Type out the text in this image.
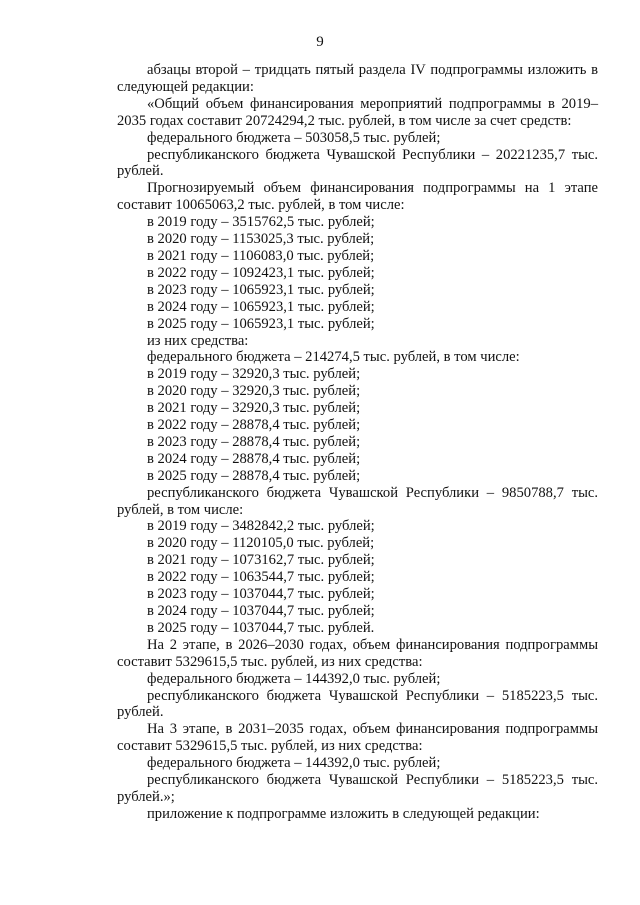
9

абзацы второй – тридцать пятый раздела IV подпрограммы изложить в следующей редакции:

«Общий объем финансирования мероприятий подпрограммы в 2019–2035 годах составит 20724294,2 тыс. рублей, в том числе за счет средств:

федерального бюджета – 503058,5 тыс. рублей;

республиканского бюджета Чувашской Республики – 20221235,7 тыс. рублей.

Прогнозируемый объем финансирования подпрограммы на 1 этапе составит 10065063,2 тыс. рублей, в том числе:

в 2019 году – 3515762,5 тыс. рублей;

в 2020 году – 1153025,3 тыс. рублей;

в 2021 году – 1106083,0 тыс. рублей;

в 2022 году – 1092423,1 тыс. рублей;

в 2023 году – 1065923,1 тыс. рублей;

в 2024 году – 1065923,1 тыс. рублей;

в 2025 году – 1065923,1 тыс. рублей;

из них средства:

федерального бюджета – 214274,5 тыс. рублей, в том числе:

в 2019 году – 32920,3 тыс. рублей;

в 2020 году – 32920,3 тыс. рублей;

в 2021 году – 32920,3 тыс. рублей;

в 2022 году – 28878,4 тыс. рублей;

в 2023 году – 28878,4 тыс. рублей;

в 2024 году – 28878,4 тыс. рублей;

в 2025 году – 28878,4 тыс. рублей;

республиканского бюджета Чувашской Республики – 9850788,7 тыс. рублей, в том числе:

в 2019 году – 3482842,2 тыс. рублей;

в 2020 году – 1120105,0 тыс. рублей;

в 2021 году – 1073162,7 тыс. рублей;

в 2022 году – 1063544,7 тыс. рублей;

в 2023 году – 1037044,7 тыс. рублей;

в 2024 году – 1037044,7 тыс. рублей;

в 2025 году – 1037044,7 тыс. рублей.

На 2 этапе, в 2026–2030 годах, объем финансирования подпрограммы составит 5329615,5 тыс. рублей, из них средства:

федерального бюджета – 144392,0 тыс. рублей;

республиканского бюджета Чувашской Республики – 5185223,5 тыс. рублей.

На 3 этапе, в 2031–2035 годах, объем финансирования подпрограммы составит 5329615,5 тыс. рублей, из них средства:

федерального бюджета – 144392,0 тыс. рублей;

республиканского бюджета Чувашской Республики – 5185223,5 тыс. рублей.»;

приложение к подпрограмме изложить в следующей редакции:
